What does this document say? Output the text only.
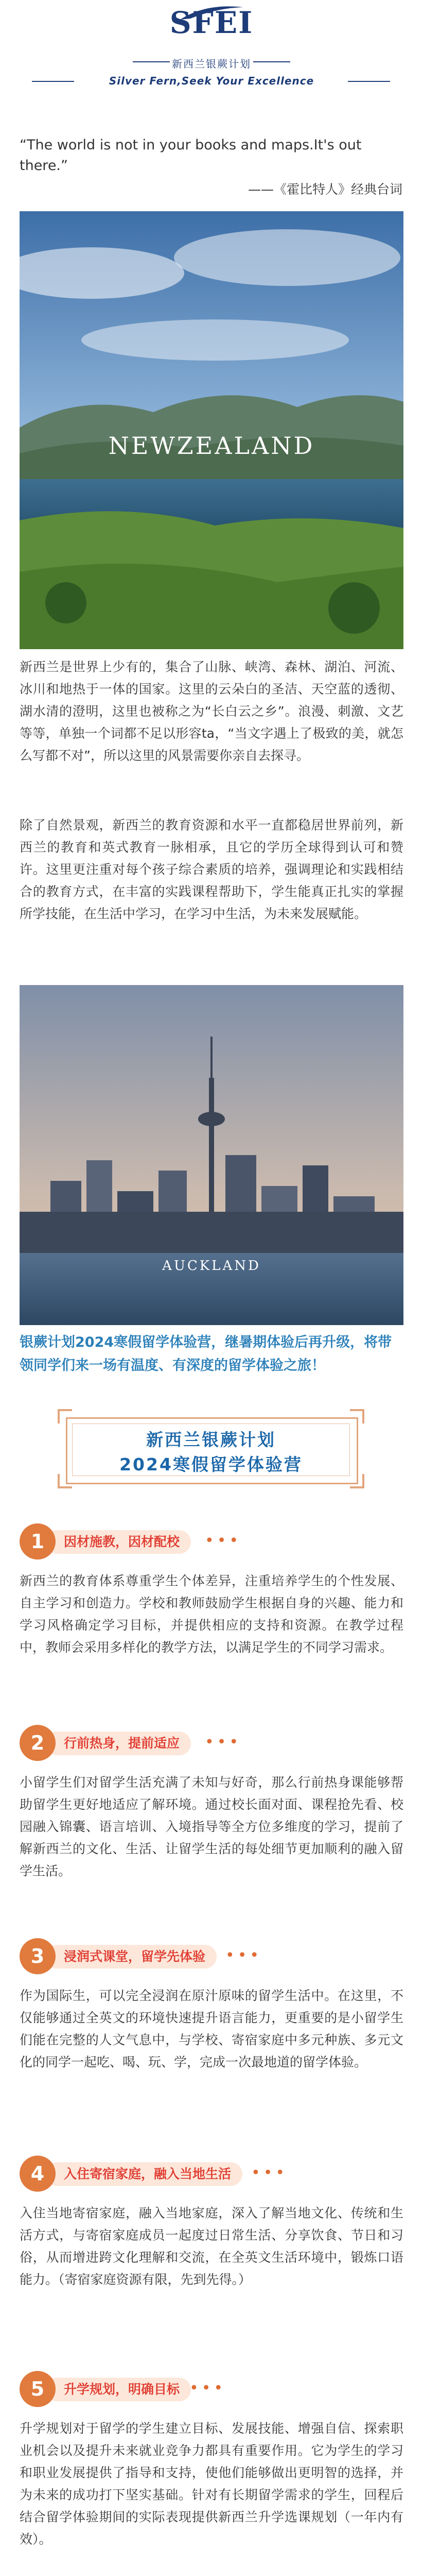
SFEI
新西兰银蕨计划
Silver Fern,Seek Your Excellence
“The world is not in your books and maps.It's out there.”
——《霍比特人》经典台词
NEWZEALAND
新西兰是世界上少有的，集合了山脉、峡湾、森林、湖泊、河流、冰川和地热于一体的国家。这里的云朵白的圣洁、天空蓝的透彻、湖水清的澄明，这里也被称之为“长白云之乡”。浪漫、刺激、文艺等等，单独一个词都不足以形容ta，“当文字遇上了极致的美，就怎么写都不对”，所以这里的风景需要你亲自去探寻。
除了自然景观，新西兰的教育资源和水平一直都稳居世界前列，新西兰的教育和英式教育一脉相承，且它的学历全球得到认可和赞许。这里更注重对每个孩子综合素质的培养，强调理论和实践相结合的教育方式，在丰富的实践课程帮助下，学生能真正扎实的掌握所学技能，在生活中学习，在学习中生活，为未来发展赋能。
AUCKLAND
银蕨计划2024寒假留学体验营，继暑期体验后再升级，将带领同学们来一场有温度、有深度的留学体验之旅！
新西兰银蕨计划
2024寒假留学体验营
因材施教，因材配校
1	•••
新西兰的教育体系尊重学生个体差异，注重培养学生的个性发展、自主学习和创造力。学校和教师鼓励学生根据自身的兴趣、能力和学习风格确定学习目标，并提供相应的支持和资源。在教学过程中，教师会采用多样化的教学方法，以满足学生的不同学习需求。
行前热身，提前适应
2	•••
小留学生们对留学生活充满了未知与好奇，那么行前热身课能够帮助留学生更好地适应了解环境。通过校长面对面、课程抢先看、校园融入锦囊、语言培训、入境指导等全方位多维度的学习，提前了解新西兰的文化、生活、让留学生活的每处细节更加顺利的融入留学生活。
浸润式课堂，留学先体验
3	•••
作为国际生，可以完全浸润在原汁原味的留学生活中。在这里，不仅能够通过全英文的环境快速提升语言能力，更重要的是小留学生们能在完整的人文气息中，与学校、寄宿家庭中多元种族、多元文化的同学一起吃、喝、玩、学，完成一次最地道的留学体验。
入住寄宿家庭，融入当地生活
4	•••
入住当地寄宿家庭，融入当地家庭，深入了解当地文化、传统和生活方式，与寄宿家庭成员一起度过日常生活、分享饮食、节日和习俗，从而增进跨文化理解和交流，在全英文生活环境中，锻炼口语能力。（寄宿家庭资源有限，先到先得。）
升学规划，明确目标
5	•••
升学规划对于留学的学生建立目标、发展技能、增强自信、探索职业机会以及提升未来就业竞争力都具有重要作用。它为学生的学习和职业发展提供了指导和支持，使他们能够做出更明智的选择，并为未来的成功打下坚实基础。针对有长期留学需求的学生，回程后结合留学体验期间的实际表现提供新西兰升学选课规划（一年内有效）。
